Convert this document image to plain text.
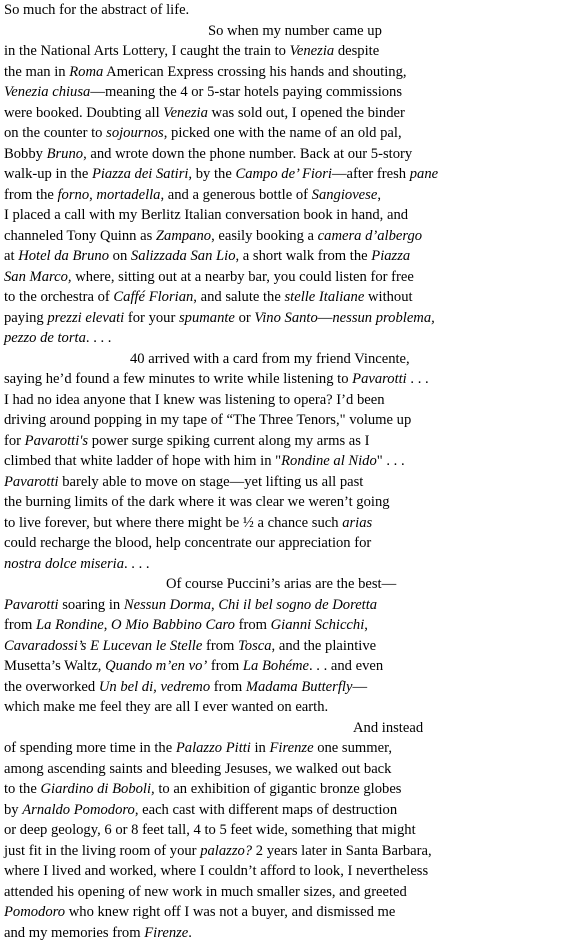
So much for the abstract of life.
So when my number came up
in the National Arts Lottery, I caught the train to Venezia despite
the man in Roma American Express crossing his hands and shouting,
Venezia chiusa—meaning the 4 or 5-star hotels paying commissions
were booked. Doubting all Venezia was sold out, I opened the binder
on the counter to sojournos, picked one with the name of an old pal,
Bobby Bruno, and wrote down the phone number. Back at our 5-story
walk-up in the Piazza dei Satiri, by the Campo de’ Fiori—after fresh pane
from the forno, mortadella, and a generous bottle of Sangiovese,
I placed a call with my Berlitz Italian conversation book in hand, and
channeled Tony Quinn as Zampano, easily booking a camera d’albergo
at Hotel da Bruno on Salizzada San Lio, a short walk from the Piazza
San Marco, where, sitting out at a nearby bar, you could listen for free
to the orchestra of Caffé Florian, and salute the stelle Italiane without
paying prezzi elevati for your spumante or Vino Santo—nessun problema,
pezzo de torta. . . .
40 arrived with a card from my friend Vincente,
saying he’d found a few minutes to write while listening to Pavarotti . . .
I had no idea anyone that I knew was listening to opera? I’d been
driving around popping in my tape of “The Three Tenors," volume up
for Pavarotti's power surge spiking current along my arms as I
climbed that white ladder of hope with him in "Rondine al Nido" . . .
Pavarotti barely able to move on stage—yet lifting us all past
the burning limits of the dark where it was clear we weren’t going
to live forever, but where there might be ½ a chance such arias
could recharge the blood, help concentrate our appreciation for
nostra dolce miseria. . . .
Of course Puccini’s arias are the best—
Pavarotti soaring in Nessun Dorma, Chi il bel sogno de Doretta
from La Rondine, O Mio Babbino Caro from Gianni Schicchi,
Cavaradossi’s E Lucevan le Stelle from Tosca, and the plaintive
Musetta’s Waltz, Quando m’en vo’ from La Bohéme. . . and even
the overworked Un bel di, vedremo from Madama Butterfly—
which make me feel they are all I ever wanted on earth.
And instead
of spending more time in the Palazzo Pitti in Firenze one summer,
among ascending saints and bleeding Jesuses, we walked out back
to the Giardino di Boboli, to an exhibition of gigantic bronze globes
by Arnaldo Pomodoro, each cast with different maps of destruction
or deep geology, 6 or 8 feet tall, 4 to 5 feet wide, something that might
just fit in the living room of your palazzo? 2 years later in Santa Barbara,
where I lived and worked, where I couldn’t afford to look, I nevertheless
attended his opening of new work in much smaller sizes, and greeted
Pomodoro who knew right off I was not a buyer, and dismissed me
and my memories from Firenze.
